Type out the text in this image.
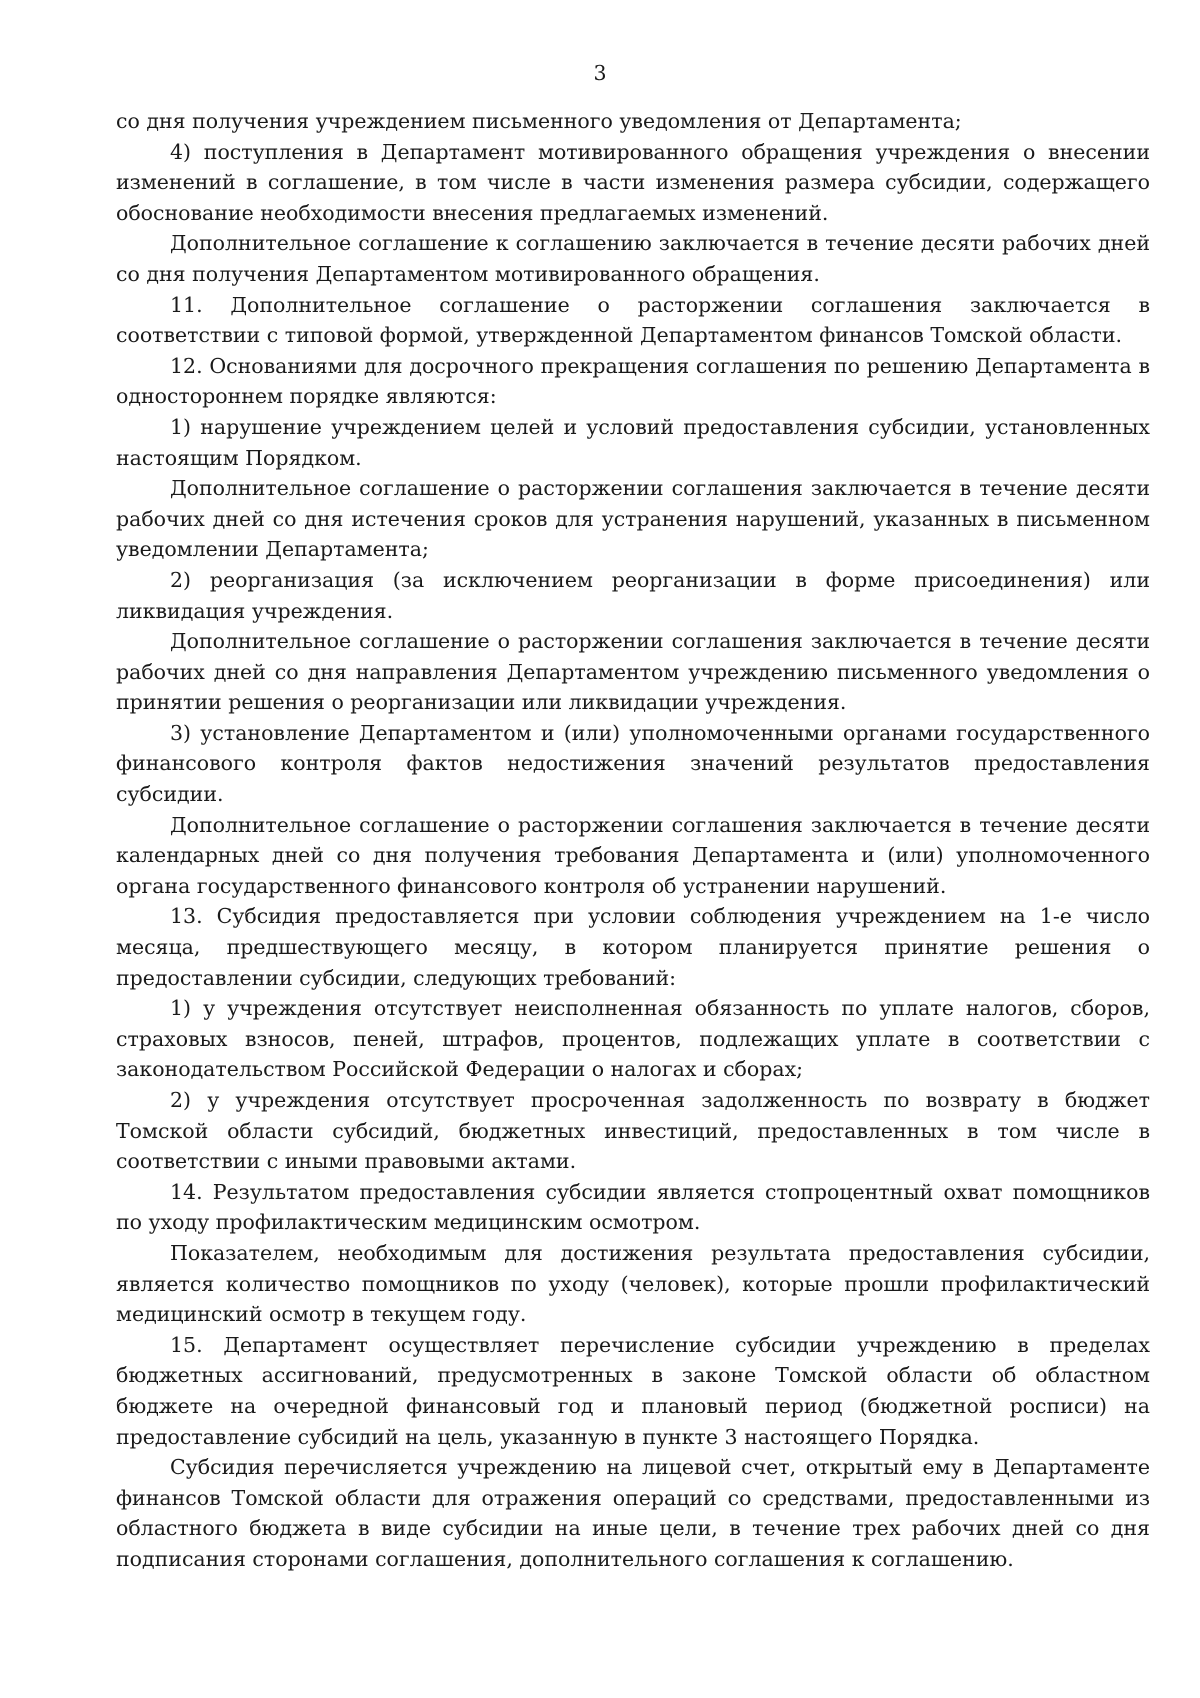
3

со дня получения учреждением письменного уведомления от Департамента;

4) поступления в Департамент мотивированного обращения учреждения о внесении изменений в соглашение, в том числе в части изменения размера субсидии, содержащего обоснование необходимости внесения предлагаемых изменений.

Дополнительное соглашение к соглашению заключается в течение десяти рабочих дней со дня получения Департаментом мотивированного обращения.

11. Дополнительное соглашение о расторжении соглашения заключается в соответствии с типовой формой, утвержденной Департаментом финансов Томской области.

12. Основаниями для досрочного прекращения соглашения по решению Департамента в одностороннем порядке являются:

1) нарушение учреждением целей и условий предоставления субсидии, установленных настоящим Порядком.

Дополнительное соглашение о расторжении соглашения заключается в течение десяти рабочих дней со дня истечения сроков для устранения нарушений, указанных в письменном уведомлении Департамента;

2) реорганизация (за исключением реорганизации в форме присоединения) или ликвидация учреждения.

Дополнительное соглашение о расторжении соглашения заключается в течение десяти рабочих дней со дня направления Департаментом учреждению письменного уведомления о принятии решения о реорганизации или ликвидации учреждения.

3) установление Департаментом и (или) уполномоченными органами государственного финансового контроля фактов недостижения значений результатов предоставления субсидии.

Дополнительное соглашение о расторжении соглашения заключается в течение десяти календарных дней со дня получения требования Департамента и (или) уполномоченного органа государственного финансового контроля об устранении нарушений.

13. Субсидия предоставляется при условии соблюдения учреждением на 1-е число месяца, предшествующего месяцу, в котором планируется принятие решения о предоставлении субсидии, следующих требований:

1) у учреждения отсутствует неисполненная обязанность по уплате налогов, сборов, страховых взносов, пеней, штрафов, процентов, подлежащих уплате в соответствии с законодательством Российской Федерации о налогах и сборах;

2) у учреждения отсутствует просроченная задолженность по возврату в бюджет Томской области субсидий, бюджетных инвестиций, предоставленных в том числе в соответствии с иными правовыми актами.

14. Результатом предоставления субсидии является стопроцентный охват помощников по уходу профилактическим медицинским осмотром.

Показателем, необходимым для достижения результата предоставления субсидии, является количество помощников по уходу (человек), которые прошли профилактический медицинский осмотр в текущем году.

15. Департамент осуществляет перечисление субсидии учреждению в пределах бюджетных ассигнований, предусмотренных в законе Томской области об областном бюджете на очередной финансовый год и плановый период (бюджетной росписи) на предоставление субсидий на цель, указанную в пункте 3 настоящего Порядка.

Субсидия перечисляется учреждению на лицевой счет, открытый ему в Департаменте финансов Томской области для отражения операций со средствами, предоставленными из областного бюджета в виде субсидии на иные цели, в течение трех рабочих дней со дня подписания сторонами соглашения, дополнительного соглашения к соглашению.
